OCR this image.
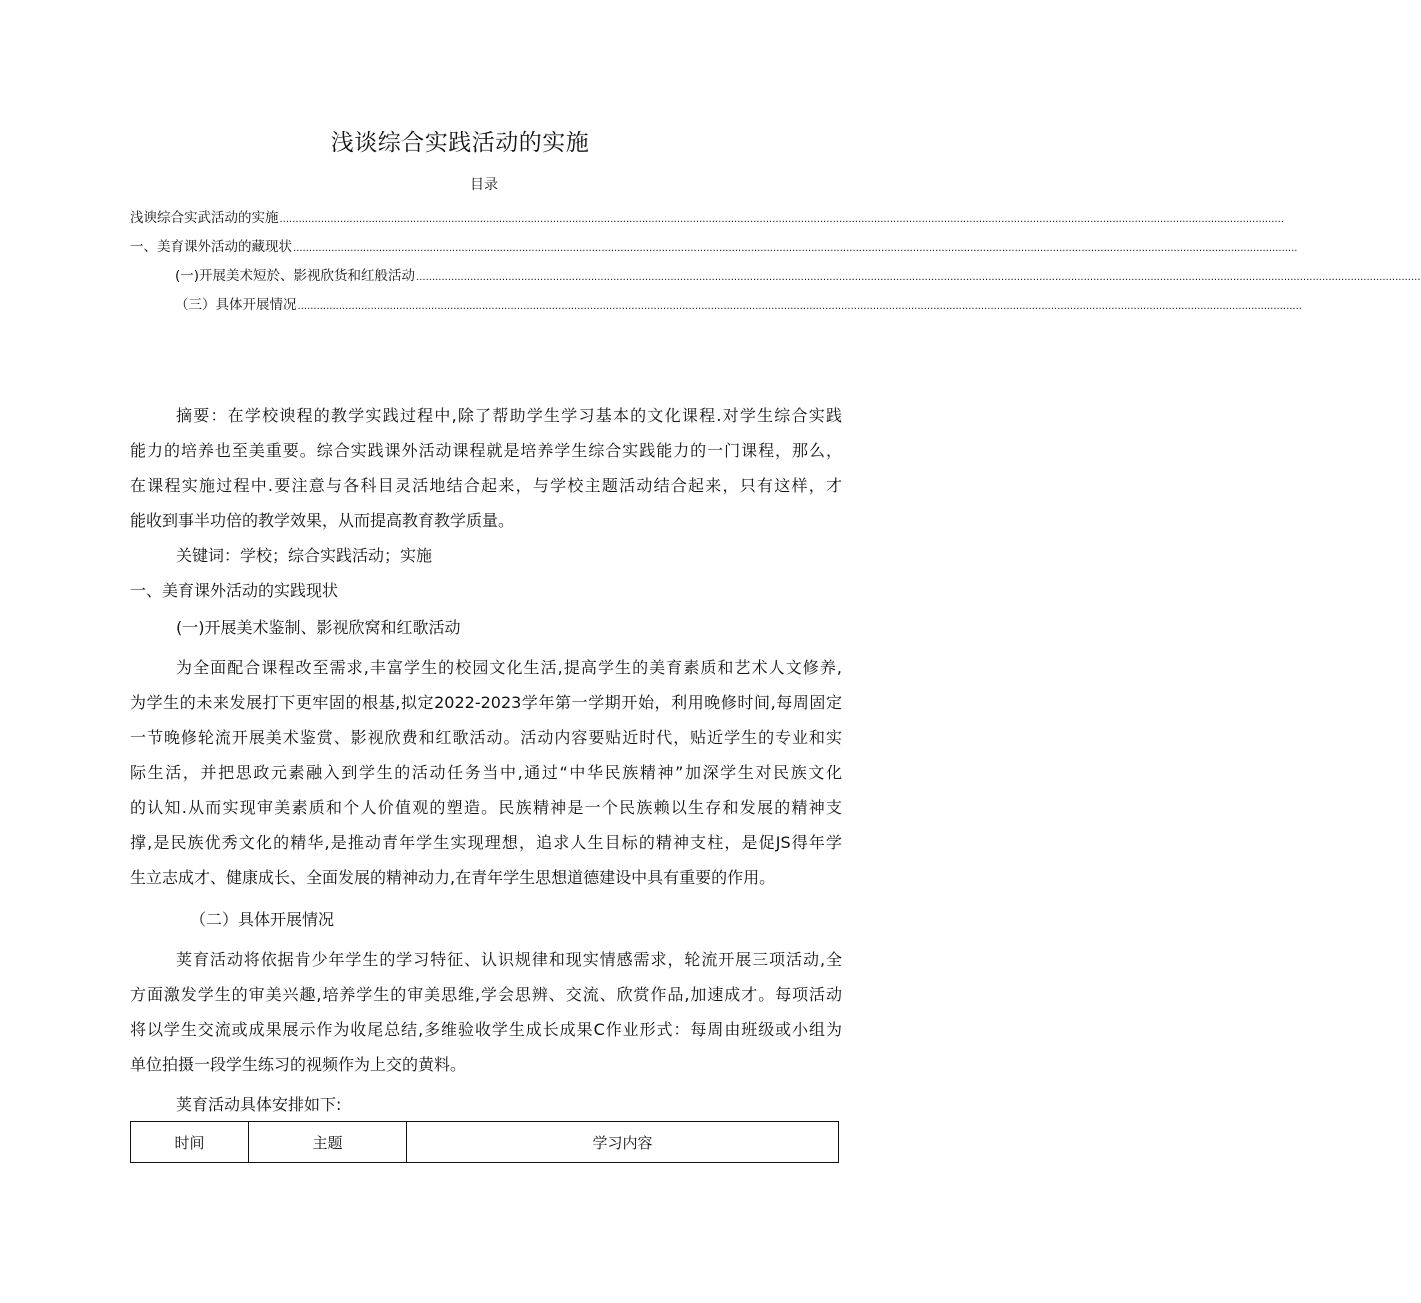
浅谈综合实践活动的实施
目录
浅谀综合实武活动的实施 ............................................................................................................................................................................................................................................................................................................................
一、美育课外活动的藏现状 ............................................................................................................................................................................................................................................................................................................................
(一)开展美术短於、影视欣货和红般活动 ............................................................................................................................................................................................................................................................................................................................
（三）具体开展情况 ............................................................................................................................................................................................................................................................................................................................
摘要：在学校谀程的教学实践过程中,除了帮助学生学习基本的文化课程.对学生综合实践
能力的培养也至美重要。综合实践课外活动课程就是培养学生综合实践能力的一门课程，那么，
在课程实施过程中.要注意与各科目灵活地结合起来，与学校主题活动结合起来，只有这样，才
能收到事半功倍的教学效果，从而提高教育教学质量。
关键词：学校；综合实践活动；实施
一、美育课外活动的实践现状
(一)开展美术鉴制、影视欣窝和红歌活动
为全面配合课程改至需求,丰富学生的校园文化生活,提高学生的美育素质和艺术人文修养,
为学生的未来发展打下更牢固的根基,拟定2022-2023学年第一学期开始，利用晚修时间,每周固定
一节晚修轮流开展美术鉴赏、影视欣费和红歌活动。活动内容要贴近时代，贴近学生的专业和实
际生活，并把思政元素融入到学生的活动任务当中,通过“中华民族精神”加深学生对民族文化
的认知.从而实现审美素质和个人价值观的塑造。民族精神是一个民族赖以生存和发展的精神支
撑,是民族优秀文化的精华,是推动青年学生实现理想，追求人生目标的精神支柱，是促JS得年学
生立志成才、健康成长、全面发展的精神动力,在青年学生思想道德建设中具有重要的作用。
（二）具体开展情况
荚育活动将依据肯少年学生的学习特征、认识规律和现实情感需求，轮流开展三项活动,全
方面激发学生的审美兴趣,培养学生的审美思维,学会思辨、交流、欣赏作品,加速成才。每项活动
将以学生交流或成果展示作为收尾总结,多维验收学生成长成果C作业形式：每周由班级或小组为
单位拍摄一段学生练习的视频作为上交的黄料。
荚育活动具体安排如下:
时间	主题	学习内容
